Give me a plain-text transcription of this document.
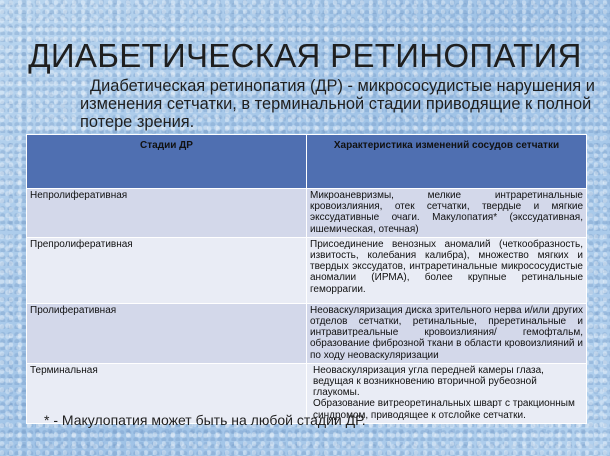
ДИАБЕТИЧЕСКАЯ РЕТИНОПАТИЯ
Диабетическая ретинопатия (ДР) - микрососудистые нарушения и
изменения сетчатки, в терминальной стадии приводящие к полной
потере зрения.
Стадии ДР	Характеристика изменений сосудов сетчатки
Непролиферативная	Микроаневризмы, мелкие интраретинальные кровоизлияния, отек сетчатки, твердые и мягкие экссудативные очаги. Макулопатия* (экссудативная, ишемическая, отечная)
Препролиферативная	Присоединение венозных аномалий (четкообразность, извитость, колебания калибра), множество мягких и твердых экссудатов, интраретинальные микрососудистые аномалии (ИРМА), более крупные ретинальные геморрагии.
Пролиферативная	Неоваскуляризация диска зрительного нерва и/или других отделов сетчатки, ретинальные, преретинальные и интравитреальные кровоизлияния/ гемофтальм, образование фиброзной ткани в области кровоизлияний и по ходу неоваскуляризации
Терминальная	Неоваскуляризация угла передней камеры глаза, ведущая к возникновению вторичной рубеозной глаукомы.
Образование витреоретинальных шварт с тракционным синдромом, приводящее к отслойке сетчатки.
* - Макулопатия может быть на любой стадии ДР.
